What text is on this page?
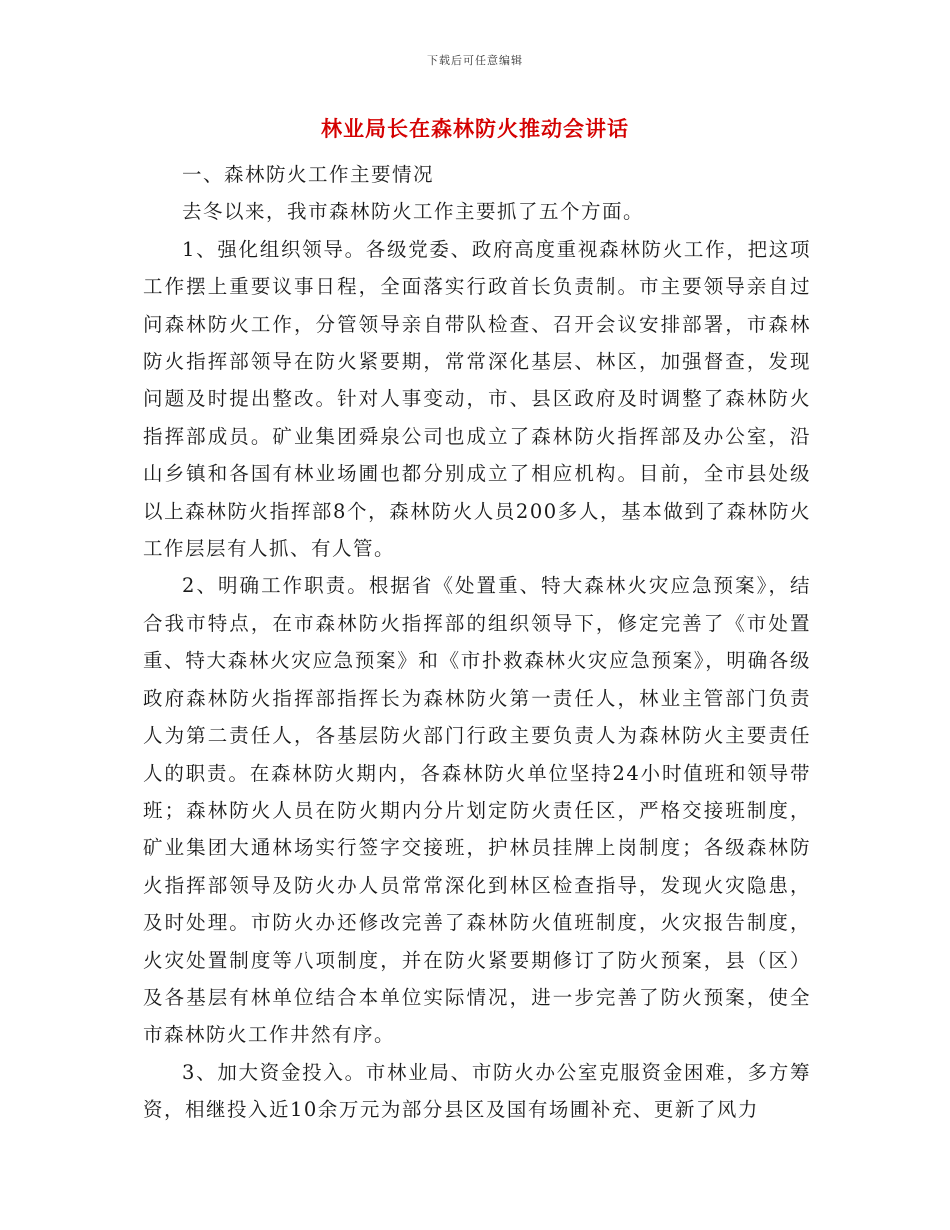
下载后可任意编辑
林业局长在森林防火推动会讲话

一、森林防火工作主要情况

去冬以来，我市森林防火工作主要抓了五个方面。

1、强化组织领导。各级党委、政府高度重视森林防火工作，把这项工作摆上重要议事日程，全面落实行政首长负责制。市主要领导亲自过问森林防火工作，分管领导亲自带队检查、召开会议安排部署，市森林防火指挥部领导在防火紧要期，常常深化基层、林区，加强督查，发现问题及时提出整改。针对人事变动，市、县区政府及时调整了森林防火指挥部成员。矿业集团舜泉公司也成立了森林防火指挥部及办公室，沿山乡镇和各国有林业场圃也都分别成立了相应机构。目前，全市县处级以上森林防火指挥部8个，森林防火人员200多人，基本做到了森林防火工作层层有人抓、有人管。

2、明确工作职责。根据省《处置重、特大森林火灾应急预案》，结合我市特点，在市森林防火指挥部的组织领导下，修定完善了《市处置重、特大森林火灾应急预案》和《市扑救森林火灾应急预案》，明确各级政府森林防火指挥部指挥长为森林防火第一责任人，林业主管部门负责人为第二责任人，各基层防火部门行政主要负责人为森林防火主要责任人的职责。在森林防火期内，各森林防火单位坚持24小时值班和领导带班；森林防火人员在防火期内分片划定防火责任区，严格交接班制度，矿业集团大通林场实行签字交接班，护林员挂牌上岗制度；各级森林防火指挥部领导及防火办人员常常深化到林区检查指导，发现火灾隐患，及时处理。市防火办还修改完善了森林防火值班制度，火灾报告制度，火灾处置制度等八项制度，并在防火紧要期修订了防火预案，县（区）及各基层有林单位结合本单位实际情况，进一步完善了防火预案，使全市森林防火工作井然有序。

3、加大资金投入。市林业局、市防火办公室克服资金困难，多方筹资，相继投入近10余万元为部分县区及国有场圃补充、更新了风力
